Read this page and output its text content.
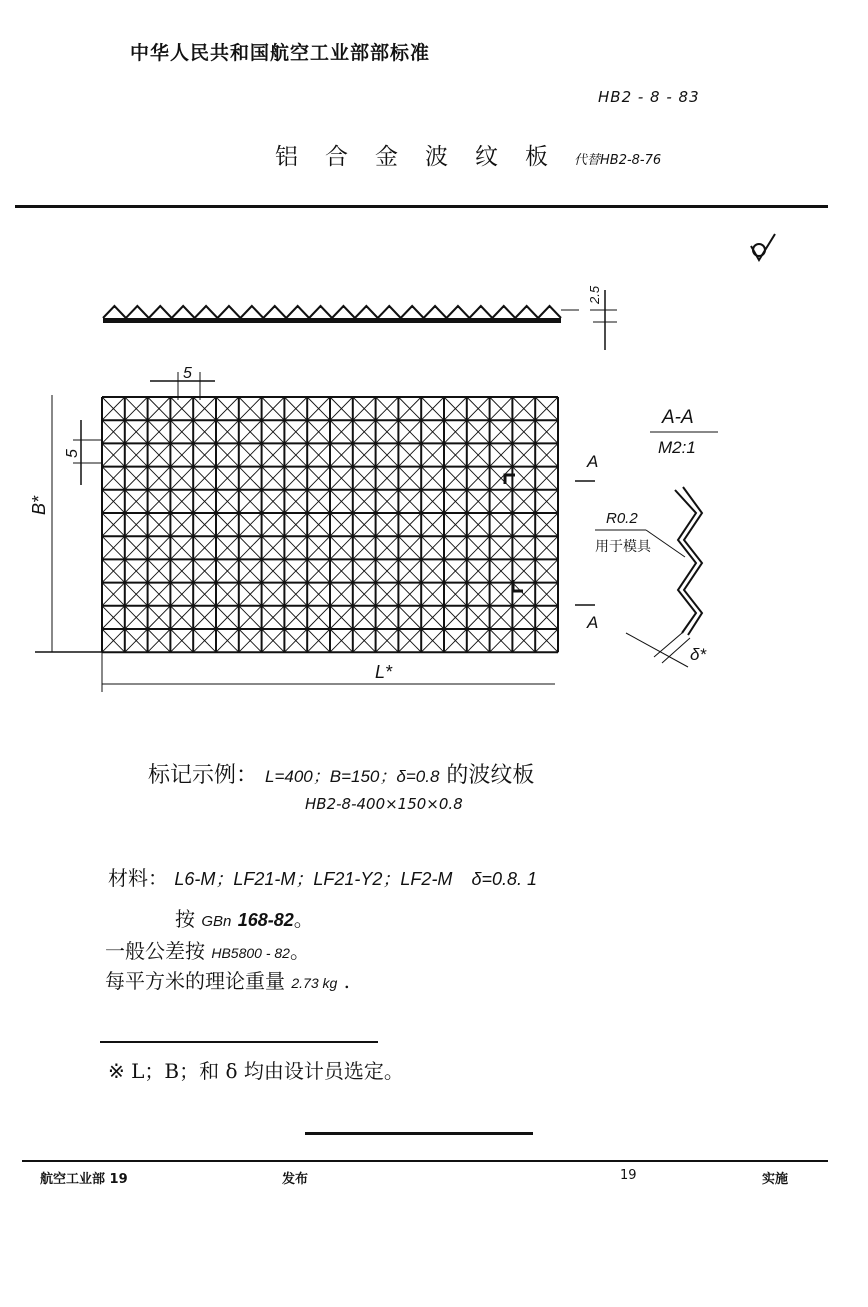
中华人民共和国航空工业部部标准
HB2 - 8 - 83
铝合金波纹板 代替HB2-8-76
2.5
5
5
B*
L*
A
A
A-A
M2:1
R0.2
用于模具
δ*
标记示例： L=400；B=150；δ=0.8 的波纹板
HB2-8-400×150×0.8
材料： L6-M；LF21-M；LF21-Y2；LF2-M δ=0.8. 1
按 GBn 168-82。
一般公差按 HB5800 - 82。
每平方米的理论重量 2.73 kg .
※ L；B；和 δ 均由设计员选定。
航空工业部 19	发布	19	实施
